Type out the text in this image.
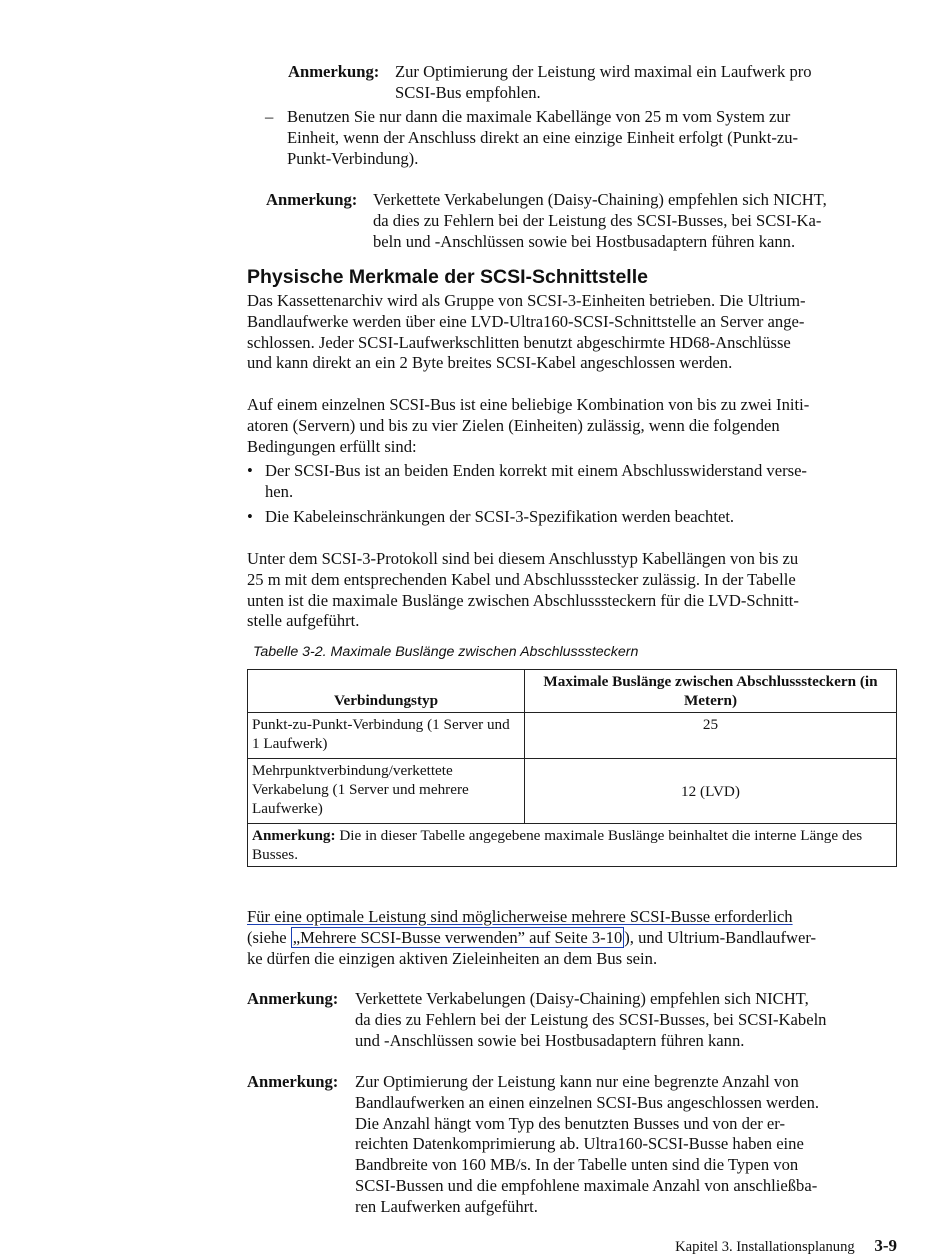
Anmerkung: Zur Optimierung der Leistung wird maximal ein Laufwerk pro
SCSI-Bus empfohlen.
– Benutzen Sie nur dann die maximale Kabellänge von 25 m vom System zur
Einheit, wenn der Anschluss direkt an eine einzige Einheit erfolgt (Punkt-zu-
Punkt-Verbindung).
Anmerkung: Verkettete Verkabelungen (Daisy-Chaining) empfehlen sich NICHT,
da dies zu Fehlern bei der Leistung des SCSI-Busses, bei SCSI-Ka-
beln und -Anschlüssen sowie bei Hostbusadaptern führen kann.
Physische Merkmale der SCSI-Schnittstelle
Das Kassettenarchiv wird als Gruppe von SCSI-3-Einheiten betrieben. Die Ultrium-
Bandlaufwerke werden über eine LVD-Ultra160-SCSI-Schnittstelle an Server ange-
schlossen. Jeder SCSI-Laufwerkschlitten benutzt abgeschirmte HD68-Anschlüsse
und kann direkt an ein 2 Byte breites SCSI-Kabel angeschlossen werden.
Auf einem einzelnen SCSI-Bus ist eine beliebige Kombination von bis zu zwei Initi-
atoren (Servern) und bis zu vier Zielen (Einheiten) zulässig, wenn die folgenden
Bedingungen erfüllt sind:
• Der SCSI-Bus ist an beiden Enden korrekt mit einem Abschlusswiderstand verse-
hen.
• Die Kabeleinschränkungen der SCSI-3-Spezifikation werden beachtet.
Unter dem SCSI-3-Protokoll sind bei diesem Anschlusstyp Kabellängen von bis zu
25 m mit dem entsprechenden Kabel und Abschlussstecker zulässig. In der Tabelle
unten ist die maximale Buslänge zwischen Abschlusssteckern für die LVD-Schnitt-
stelle aufgeführt.
Tabelle 3-2. Maximale Buslänge zwischen Abschlusssteckern
Verbindungstyp	Maximale Buslänge zwischen Abschlusssteckern (in Metern)
Punkt-zu-Punkt-Verbindung (1 Server und 1 Laufwerk)	25
Mehrpunktverbindung/verkettete Verkabelung (1 Server und mehrere Laufwerke)	12 (LVD)
Anmerkung: Die in dieser Tabelle angegebene maximale Buslänge beinhaltet die interne Länge des Busses.	
Für eine optimale Leistung sind möglicherweise mehrere SCSI-Busse erforderlich
(siehe „Mehrere SCSI-Busse verwenden” auf Seite 3-10 ), und Ultrium-Bandlaufwer-
ke dürfen die einzigen aktiven Zieleinheiten an dem Bus sein.
Anmerkung: Verkettete Verkabelungen (Daisy-Chaining) empfehlen sich NICHT,
da dies zu Fehlern bei der Leistung des SCSI-Busses, bei SCSI-Kabeln
und -Anschlüssen sowie bei Hostbusadaptern führen kann.
Anmerkung: Zur Optimierung der Leistung kann nur eine begrenzte Anzahl von
Bandlaufwerken an einen einzelnen SCSI-Bus angeschlossen werden.
Die Anzahl hängt vom Typ des benutzten Busses und von der er-
reichten Datenkomprimierung ab. Ultra160-SCSI-Busse haben eine
Bandbreite von 160 MB/s. In der Tabelle unten sind die Typen von
SCSI-Bussen und die empfohlene maximale Anzahl von anschließba-
ren Laufwerken aufgeführt.
Kapitel 3. Installationsplanung 3-9
